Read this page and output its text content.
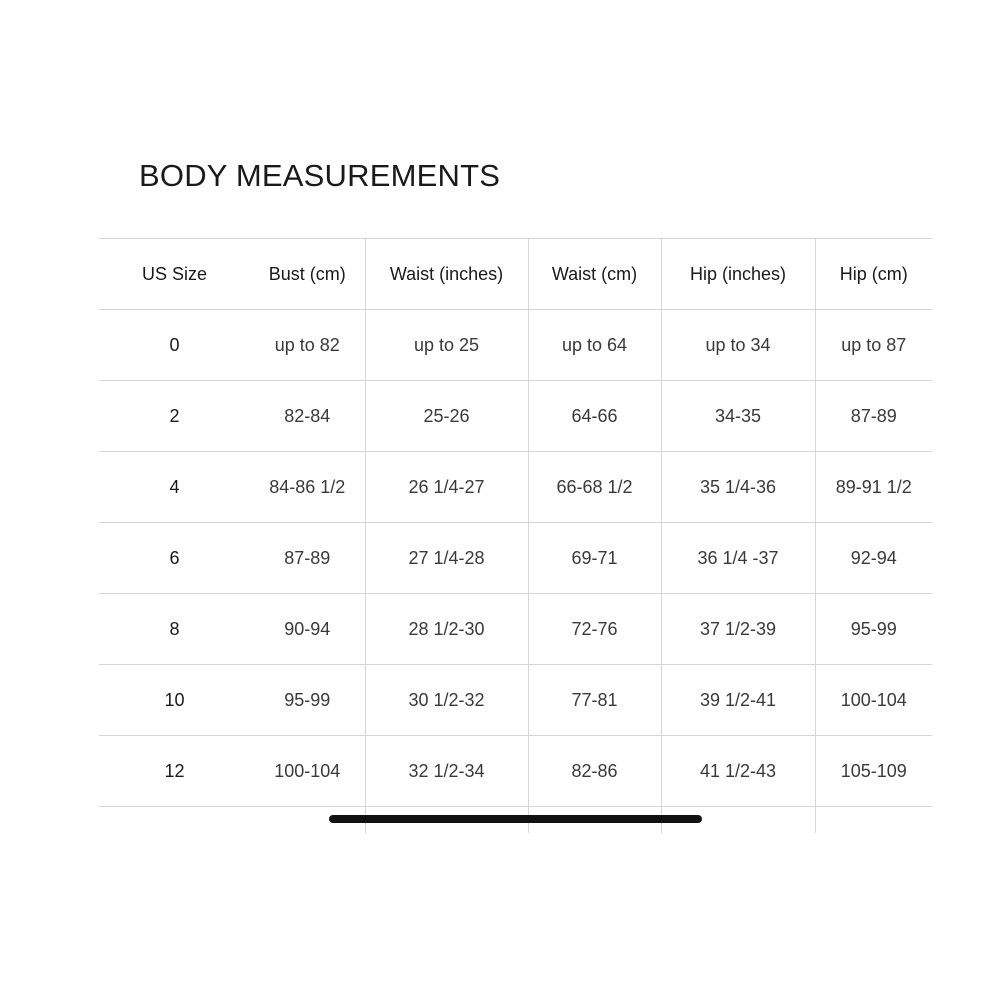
BODY MEASUREMENTS
US Size	Bust (cm)	Waist (inches)	Waist (cm)	Hip (inches)	Hip (cm)
0	up to 82	up to 25	up to 64	up to 34	up to 87
2	82-84	25-26	64-66	34-35	87-89
4	84-86 1/2	26 1/4-27	66-68 1/2	35 1/4-36	89-91 1/2
6	87-89	27 1/4-28	69-71	36 1/4 -37	92-94
8	90-94	28 1/2-30	72-76	37 1/2-39	95-99
10	95-99	30 1/2-32	77-81	39 1/2-41	100-104
12	100-104	32 1/2-34	82-86	41 1/2-43	105-109
